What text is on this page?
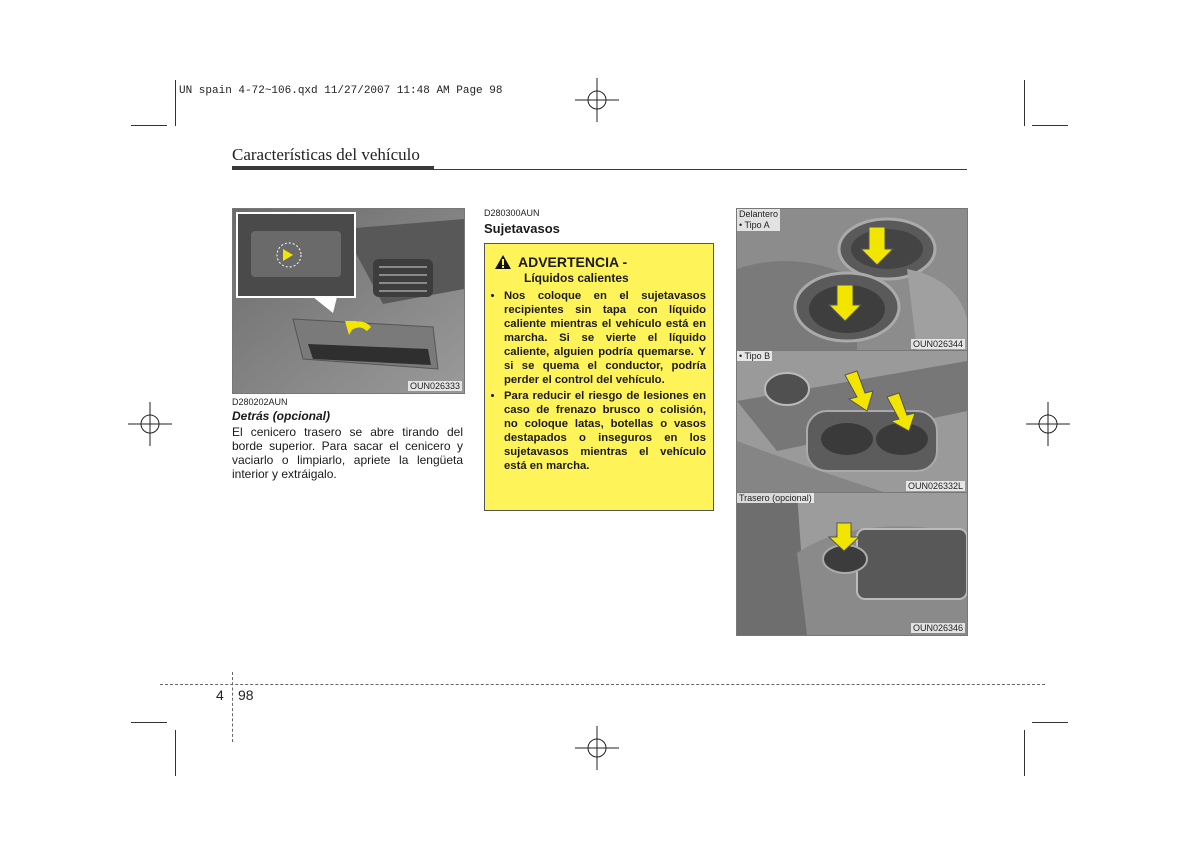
UN spain 4-72~106.qxd 11/27/2007 11:48 AM Page 98
Características del vehículo
OUN026333
D280202AUN
Detrás (opcional)
El cenicero trasero se abre tirando del borde superior. Para sacar el cenicero y vaciarlo o limpiarlo, apriete la lengüeta interior y extráigalo.
D280300AUN
Sujetavasos
ADVERTENCIA -
Líquidos calientes
• Nos coloque en el sujetavasos recipientes sin tapa con líquido caliente mientras el vehículo está en marcha. Si se vierte el líquido caliente, alguien podría quemarse. Y si se quema el conductor, podría perder el control del vehículo.
• Para reducir el riesgo de lesiones en caso de frenazo brusco o colisión, no coloque latas, botellas o vasos destapados o inseguros en los sujetavasos mientras el vehículo está en marcha.
Delantero
• Tipo A
OUN026344
• Tipo B
OUN026332L
Trasero (opcional)
OUN026346
4 98
